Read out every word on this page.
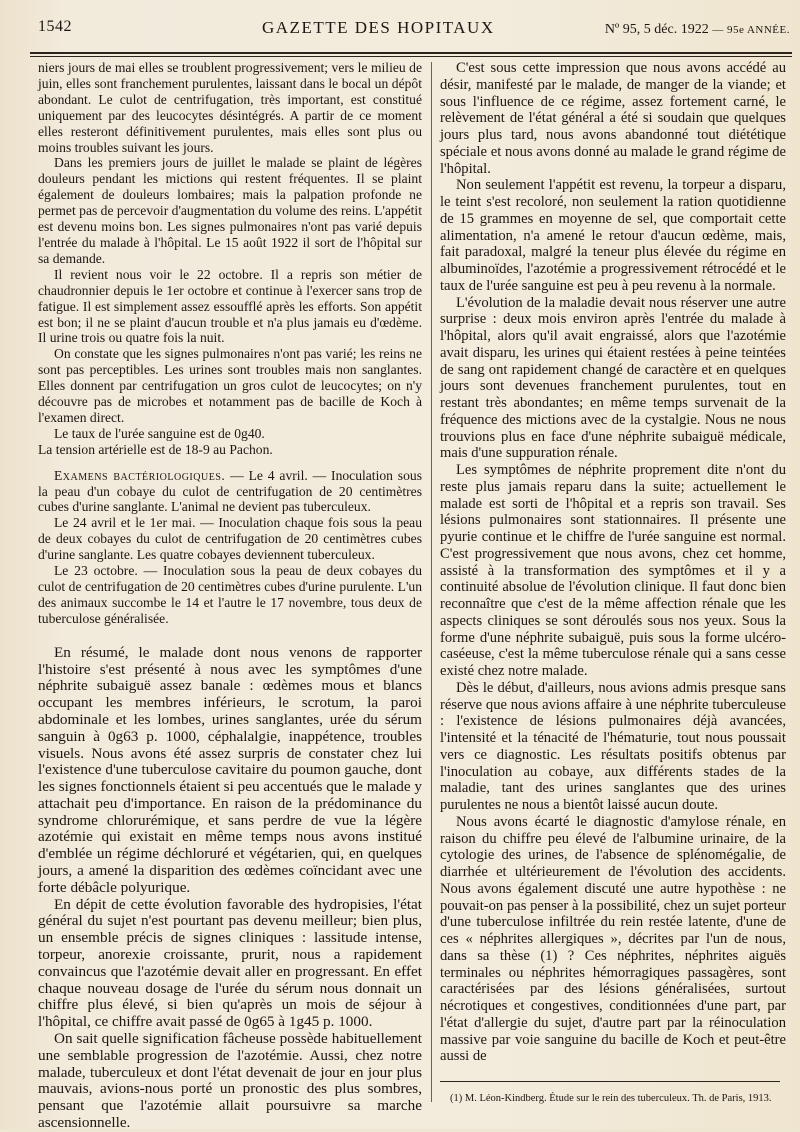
1542	GAZETTE DES HOPITAUX	Nº 95, 5 déc. 1922 — 95e ANNÉE.

niers jours de mai elles se troublent progressivement; vers le milieu de juin, elles sont franchement purulentes, laissant dans le bocal un dépôt abondant. Le culot de centrifugation, très important, est constitué uniquement par des leucocytes désintégrés. A partir de ce moment elles resteront définitivement purulentes, mais elles sont plus ou moins troubles suivant les jours.

Dans les premiers jours de juillet le malade se plaint de légères douleurs pendant les mictions qui restent fréquentes. Il se plaint également de douleurs lombaires; mais la palpation profonde ne permet pas de percevoir d'augmentation du volume des reins. L'appétit est devenu moins bon. Les signes pulmonaires n'ont pas varié depuis l'entrée du malade à l'hôpital. Le 15 août 1922 il sort de l'hôpital sur sa demande.

Il revient nous voir le 22 octobre. Il a repris son métier de chaudronnier depuis le 1er octobre et continue à l'exercer sans trop de fatigue. Il est simplement assez essoufflé après les efforts. Son appétit est bon; il ne se plaint d'aucun trouble et n'a plus jamais eu d'œdème. Il urine trois ou quatre fois la nuit.

On constate que les signes pulmonaires n'ont pas varié; les reins ne sont pas perceptibles. Les urines sont troubles mais non sanglantes. Elles donnent par centrifugation un gros culot de leucocytes; on n'y découvre pas de microbes et notamment pas de bacille de Koch à l'examen direct.

Le taux de l'urée sanguine est de 0g40.

La tension artérielle est de 18-9 au Pachon.

Examens bactériologiques. — Le 4 avril. — Inoculation sous la peau d'un cobaye du culot de centrifugation de 20 centimètres cubes d'urine sanglante. L'animal ne devient pas tuberculeux.

Le 24 avril et le 1er mai. — Inoculation chaque fois sous la peau de deux cobayes du culot de centrifugation de 20 centimètres cubes d'urine sanglante. Les quatre cobayes deviennent tuberculeux.

Le 23 octobre. — Inoculation sous la peau de deux cobayes du culot de centrifugation de 20 centimètres cubes d'urine purulente. L'un des animaux succombe le 14 et l'autre le 17 novembre, tous deux de tuberculose généralisée.

En résumé, le malade dont nous venons de rapporter l'histoire s'est présenté à nous avec les symptômes d'une néphrite subaiguë assez banale : œdèmes mous et blancs occupant les membres inférieurs, le scrotum, la paroi abdominale et les lombes, urines sanglantes, urée du sérum sanguin à 0g63 p. 1000, céphalalgie, inappétence, troubles visuels. Nous avons été assez surpris de constater chez lui l'existence d'une tuberculose cavitaire du poumon gauche, dont les signes fonctionnels étaient si peu accentués que le malade y attachait peu d'importance. En raison de la prédominance du syndrome chlorurémique, et sans perdre de vue la légère azotémie qui existait en même temps nous avons institué d'emblée un régime déchloruré et végétarien, qui, en quelques jours, a amené la disparition des œdèmes coïncidant avec une forte débâcle polyurique.

En dépit de cette évolution favorable des hydropisies, l'état général du sujet n'est pourtant pas devenu meilleur; bien plus, un ensemble précis de signes cliniques : lassitude intense, torpeur, anorexie croissante, prurit, nous a rapidement convaincus que l'azotémie devait aller en progressant. En effet chaque nouveau dosage de l'urée du sérum nous donnait un chiffre plus élevé, si bien qu'après un mois de séjour à l'hôpital, ce chiffre avait passé de 0g65 à 1g45 p. 1000.

On sait quelle signification fâcheuse possède habituellement une semblable progression de l'azotémie. Aussi, chez notre malade, tuberculeux et dont l'état devenait de jour en jour plus mauvais, avions-nous porté un pronostic des plus sombres, pensant que l'azotémie allait poursuivre sa marche ascensionnelle.

C'est sous cette impression que nous avons accédé au désir, manifesté par le malade, de manger de la viande; et sous l'influence de ce régime, assez fortement carné, le relèvement de l'état général a été si soudain que quelques jours plus tard, nous avons abandonné tout diététique spéciale et nous avons donné au malade le grand régime de l'hôpital.

Non seulement l'appétit est revenu, la torpeur a disparu, le teint s'est recoloré, non seulement la ration quotidienne de 15 grammes en moyenne de sel, que comportait cette alimentation, n'a amené le retour d'aucun œdème, mais, fait paradoxal, malgré la teneur plus élevée du régime en albuminoïdes, l'azotémie a progressivement rétrocédé et le taux de l'urée sanguine est peu à peu revenu à la normale.

L'évolution de la maladie devait nous réserver une autre surprise : deux mois environ après l'entrée du malade à l'hôpital, alors qu'il avait engraissé, alors que l'azotémie avait disparu, les urines qui étaient restées à peine teintées de sang ont rapidement changé de caractère et en quelques jours sont devenues franchement purulentes, tout en restant très abondantes; en même temps survenait de la fréquence des mictions avec de la cystalgie. Nous ne nous trouvions plus en face d'une néphrite subaiguë médicale, mais d'une suppuration rénale.

Les symptômes de néphrite proprement dite n'ont du reste plus jamais reparu dans la suite; actuellement le malade est sorti de l'hôpital et a repris son travail. Ses lésions pulmonaires sont stationnaires. Il présente une pyurie continue et le chiffre de l'urée sanguine est normal. C'est progressivement que nous avons, chez cet homme, assisté à la transformation des symptômes et il y a continuité absolue de l'évolution clinique. Il faut donc bien reconnaître que c'est de la même affection rénale que les aspects cliniques se sont déroulés sous nos yeux. Sous la forme d'une néphrite subaiguë, puis sous la forme ulcéro-caséeuse, c'est la même tuberculose rénale qui a sans cesse existé chez notre malade.

Dès le début, d'ailleurs, nous avions admis presque sans réserve que nous avions affaire à une néphrite tuberculeuse : l'existence de lésions pulmonaires déjà avancées, l'intensité et la ténacité de l'hématurie, tout nous poussait vers ce diagnostic. Les résultats positifs obtenus par l'inoculation au cobaye, aux différents stades de la maladie, tant des urines sanglantes que des urines purulentes ne nous a bientôt laissé aucun doute.

Nous avons écarté le diagnostic d'amylose rénale, en raison du chiffre peu élevé de l'albumine urinaire, de la cytologie des urines, de l'absence de splénomégalie, de diarrhée et ultérieurement de l'évolution des accidents. Nous avons également discuté une autre hypothèse : ne pouvait-on pas penser à la possibilité, chez un sujet porteur d'une tuberculose infiltrée du rein restée latente, d'une de ces « néphrites allergiques », décrites par l'un de nous, dans sa thèse (1) ? Ces néphrites, néphrites aiguës terminales ou néphrites hémorragiques passagères, sont caractérisées par des lésions généralisées, surtout nécrotiques et congestives, conditionnées d'une part, par l'état d'allergie du sujet, d'autre part par la réinoculation massive par voie sanguine du bacille de Koch et peut-être aussi de

(1) M. Léon-Kindberg. Étude sur le rein des tuberculeux. Th. de Paris, 1913.
